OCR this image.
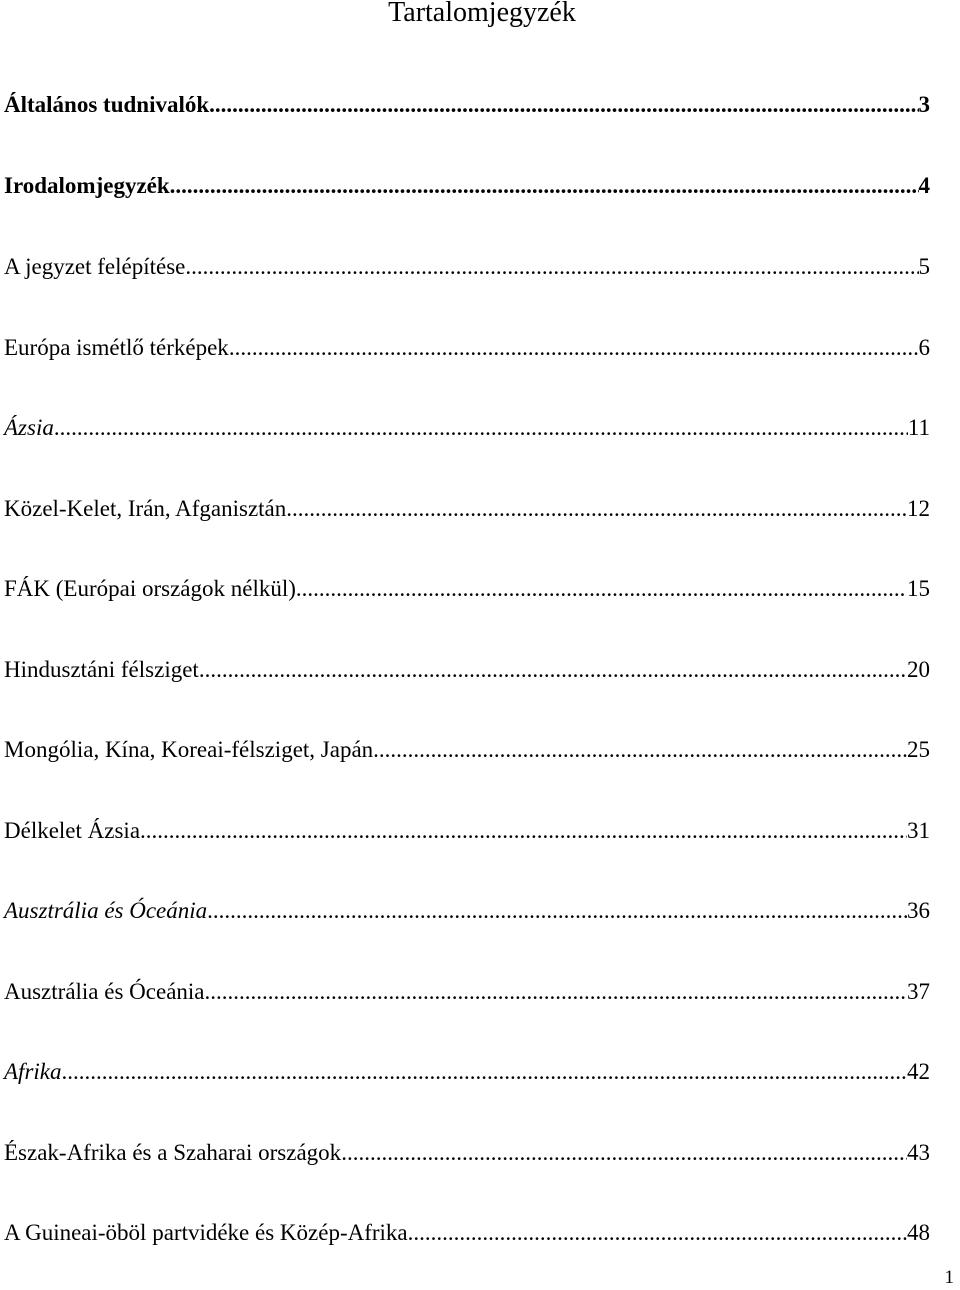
Tartalomjegyzék
Általános tudnivalók .....	3
Irodalomjegyzék .....	4
A jegyzet felépítése .....	5
Európa ismétlő térképek .....	6
Ázsia .....	11
Közel-Kelet, Irán, Afganisztán .....	12
FÁK (Európai országok nélkül) .....	15
Hindusztáni félsziget .....	20
Mongólia, Kína, Koreai-félsziget, Japán .....	25
Délkelet Ázsia .....	31
Ausztrália és Óceánia .....	36
Ausztrália és Óceánia .....	37
Afrika .....	42
Észak-Afrika és a Szaharai országok .....	43
A Guineai-öböl partvidéke és Közép-Afrika .....	48
1
